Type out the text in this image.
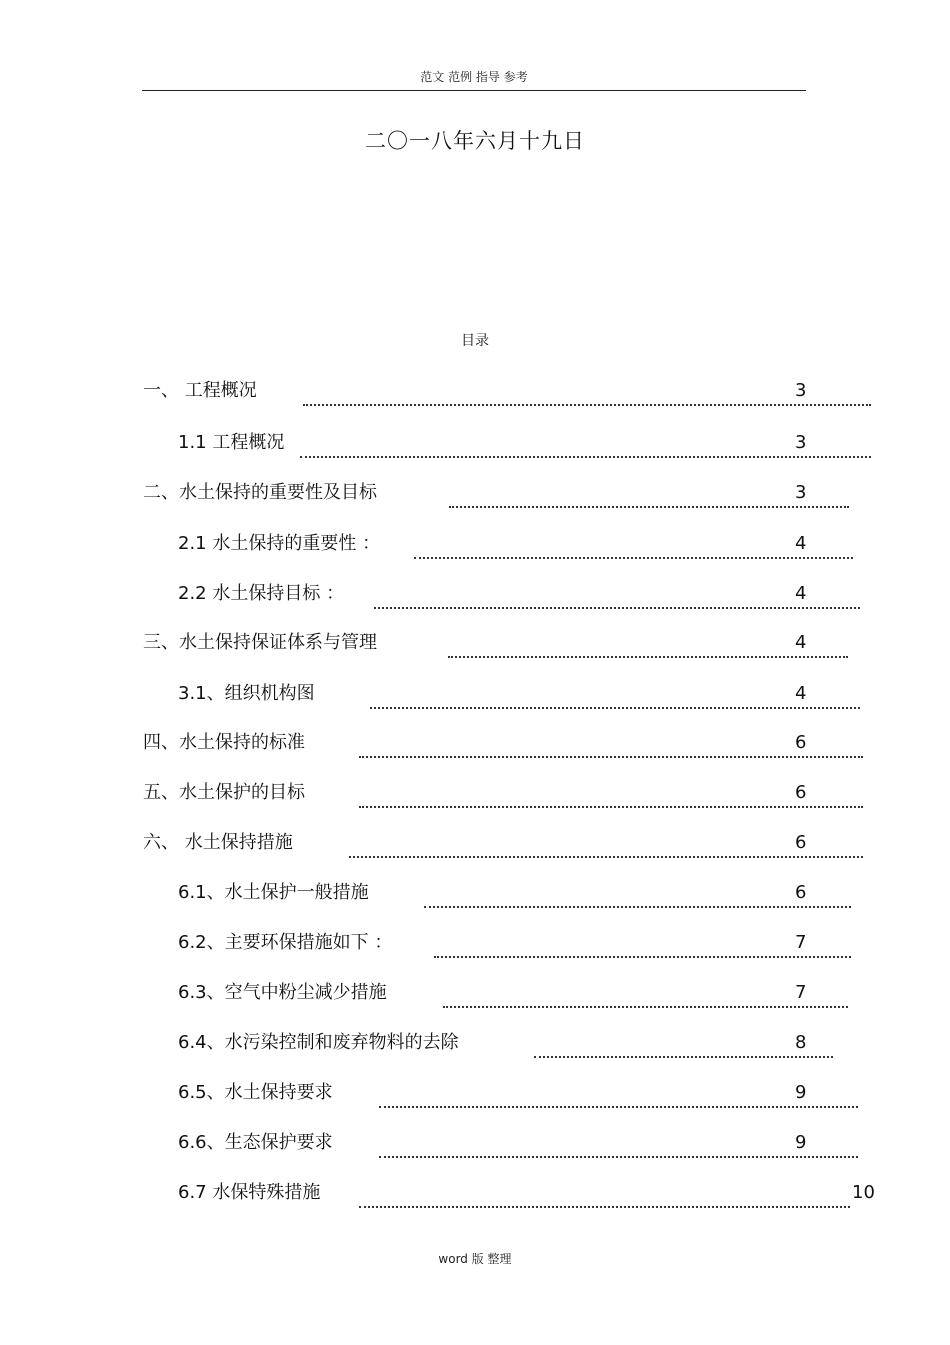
范文 范例 指导 参考
二〇一八年六月十九日
目录
一、 工程概况	3
1.1 工程概况	3
二、水土保持的重要性及目标	3
2.1 水土保持的重要性 ：	4
2.2 水土保持目标 ：	4
三、水土保持保证体系与管理	4
3.1、组织机构图	4
四、水土保持的标准	6
五、水土保护的目标	6
六、 水土保持措施	6
6.1、水土保护一般措施	6
6.2、主要环保措施如下 ：	7
6.3、空气中粉尘减少措施	7
6.4、水污染控制和废弃物料的去除	8
6.5、水土保持要求	9
6.6、生态保护要求	9
6.7 水保特殊措施	10
word 版 整理
